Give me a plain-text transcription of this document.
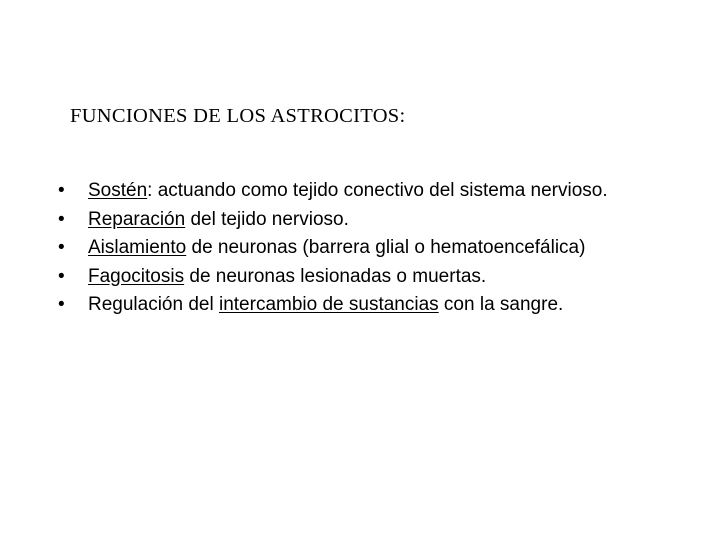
FUNCIONES DE LOS ASTROCITOS:
•	Sostén: actuando como tejido conectivo del sistema nervioso.
•	Reparación del tejido nervioso.
•	Aislamiento de neuronas (barrera glial o hematoencefálica)
•	Fagocitosis de neuronas lesionadas o muertas.
•	Regulación del intercambio de sustancias con la sangre.
